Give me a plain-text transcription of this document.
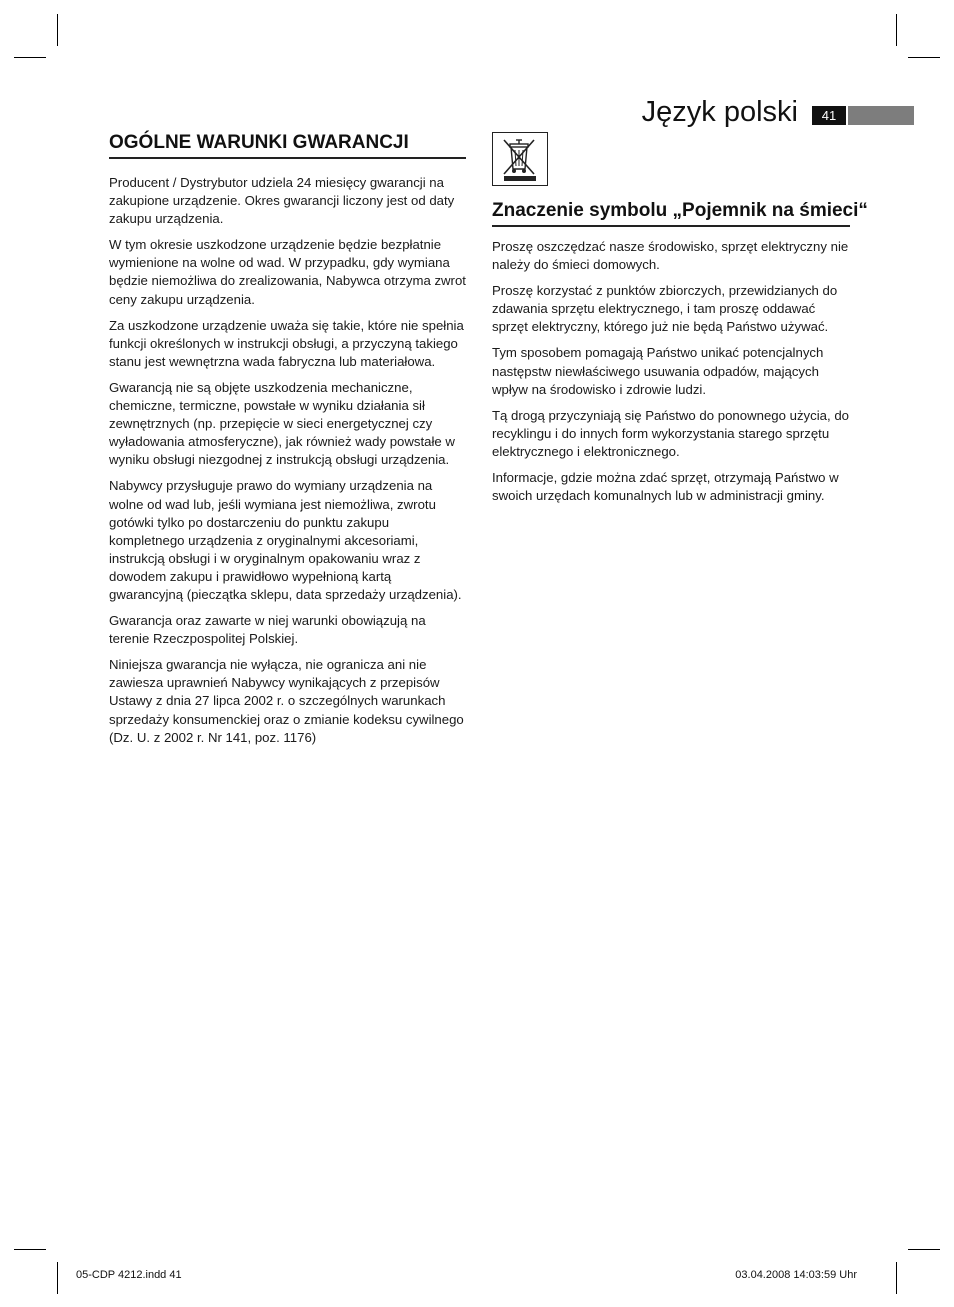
Język polski	41
OGÓLNE WARUNKI GWARANCJI

Producent / Dystrybutor udziela 24 miesięcy gwarancji na zakupione urządzenie. Okres gwarancji liczony jest od daty zakupu urządzenia.

W tym okresie uszkodzone urządzenie będzie bezpłatnie wymienione na wolne od wad. W przypadku, gdy wymiana będzie niemożliwa do zrealizowania, Nabywca otrzyma zwrot ceny zakupu urządzenia.

Za uszkodzone urządzenie uważa się takie, które nie spełnia funkcji określonych w instrukcji obsługi, a przyczyną takiego stanu jest wewnętrzna wada fabryczna lub materiałowa.

Gwarancją nie są objęte uszkodzenia mechaniczne, chemiczne, termiczne, powstałe w wyniku działania sił zewnętrznych (np. przepięcie w sieci energetycznej czy wyładowania atmosferyczne), jak również wady powstałe w wyniku obsługi niezgodnej z instrukcją obsługi urządzenia.

Nabywcy przysługuje prawo do wymiany urządzenia na wolne od wad lub, jeśli wymiana jest niemożliwa, zwrotu gotówki tylko po dostarczeniu do punktu zakupu kompletnego urządzenia z oryginalnymi akcesoriami, instrukcją obsługi i w oryginalnym opakowaniu wraz z dowodem zakupu i prawidłowo wypełnioną kartą gwarancyjną (pieczątka sklepu, data sprzedaży urządzenia).

Gwarancja oraz zawarte w niej warunki obowiązują na terenie Rzeczpospolitej Polskiej.

Niniejsza gwarancja nie wyłącza, nie ogranicza ani nie zawiesza uprawnień Nabywcy wynikających z przepisów Ustawy z dnia 27 lipca 2002 r. o szczególnych warunkach sprzedaży konsumenckiej oraz o zmianie kodeksu cywilnego (Dz. U. z 2002 r. Nr 141, poz. 1176)

Znaczenie symbolu „Pojemnik na śmieci“

Proszę oszczędzać nasze środowisko, sprzęt elektryczny nie należy do śmieci domowych.

Proszę korzystać z punktów zbiorczych, przewidzianych do zdawania sprzętu elektrycznego, i tam proszę oddawać sprzęt elektryczny, którego już nie będą Państwo używać.

Tym sposobem pomagają Państwo unikać potencjalnych następstw niewłaściwego usuwania odpadów, mających wpływ na środowisko i zdrowie ludzi.

Tą drogą przyczyniają się Państwo do ponownego użycia, do recyklingu i do innych form wykorzystania starego sprzętu elektrycznego i elektronicznego.

Informacje, gdzie można zdać sprzęt, otrzymają Państwo w swoich urzędach komunalnych lub w administracji gminy.

05-CDP 4212.indd 41	03.04.2008 14:03:59 Uhr
